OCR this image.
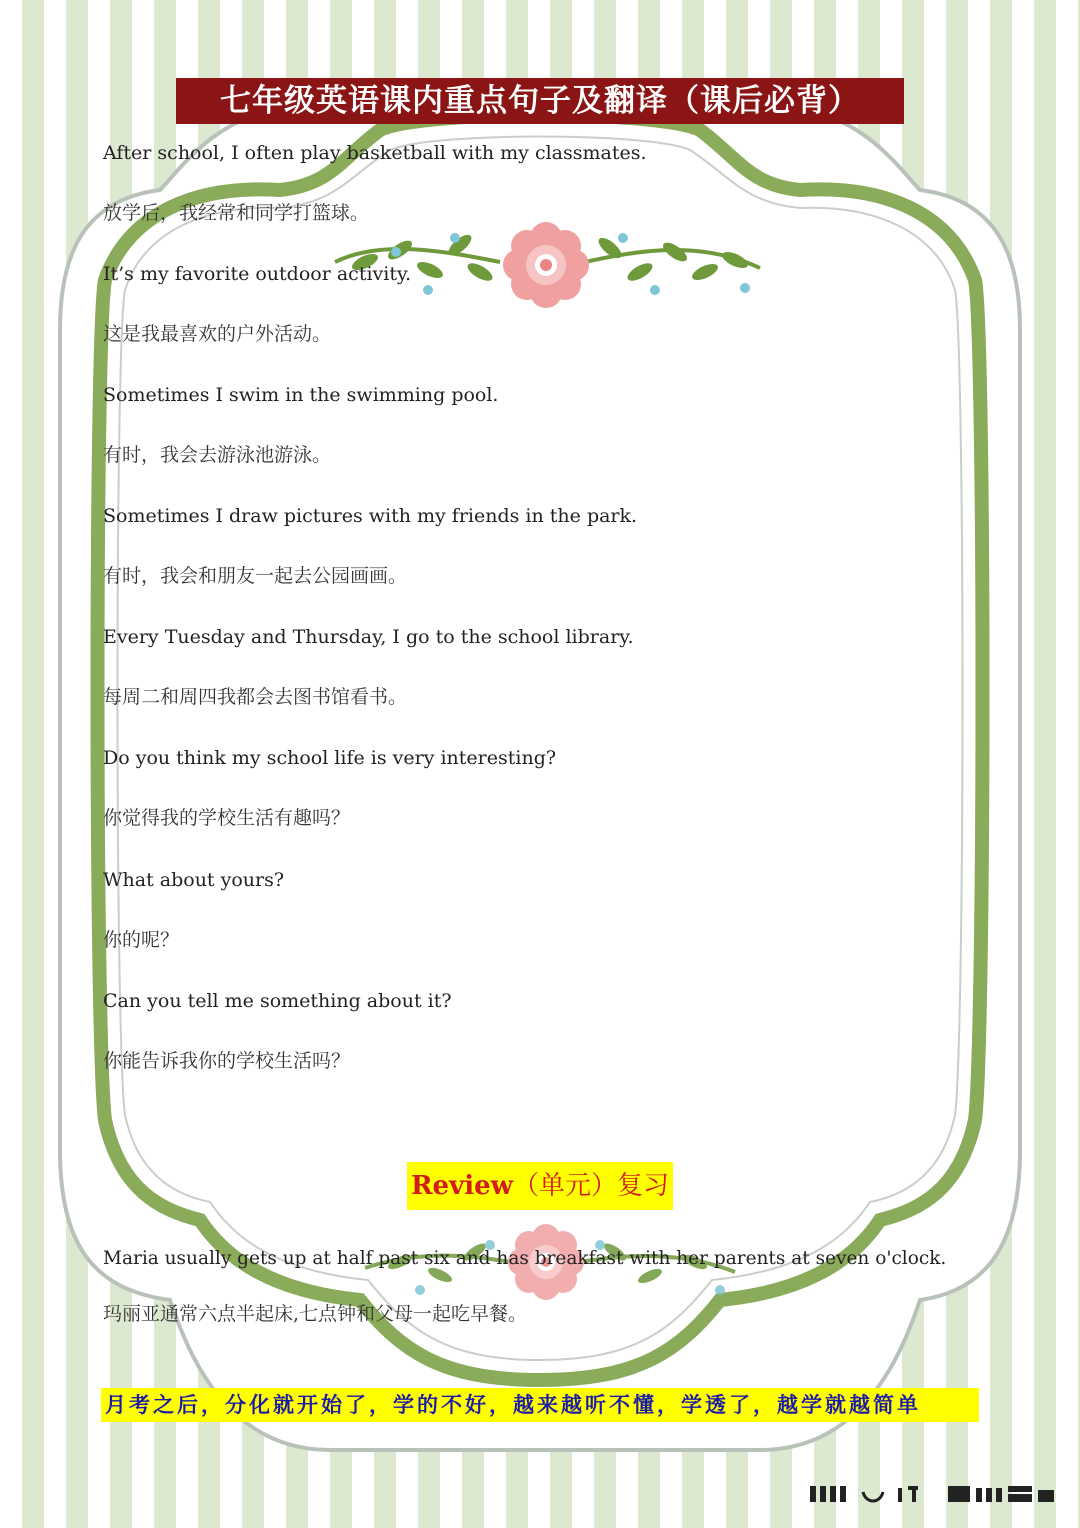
七年级英语课内重点句子及翻译（课后必背）
After school, I often play basketball with my classmates.
放学后，我经常和同学打篮球。
It’s my favorite outdoor activity.
这是我最喜欢的户外活动。
Sometimes I swim in the swimming pool.
有时，我会去游泳池游泳。
Sometimes I draw pictures with my friends in the park.
有时，我会和朋友一起去公园画画。
Every Tuesday and Thursday, I go to the school library.
每周二和周四我都会去图书馆看书。
Do you think my school life is very interesting?
你觉得我的学校生活有趣吗？
What about yours?
你的呢？
Can you tell me something about it?
你能告诉我你的学校生活吗？
Review（单元）复习
Maria usually gets up at half past six and has breakfast with her parents at seven o'clock.
玛丽亚通常六点半起床,七点钟和父母一起吃早餐。
月考之后，分化就开始了，学的不好，越来越听不懂，学透了，越学就越简单
